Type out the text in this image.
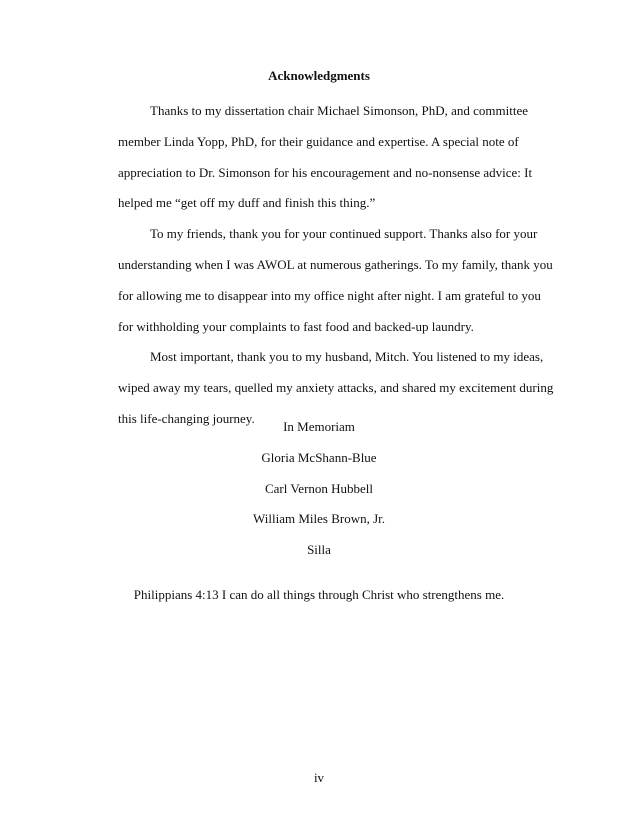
Acknowledgments

Thanks to my dissertation chair Michael Simonson, PhD, and committee member Linda Yopp, PhD, for their guidance and expertise. A special note of appreciation to Dr. Simonson for his encouragement and no-nonsense advice: It helped me “get off my duff and finish this thing.”

To my friends, thank you for your continued support. Thanks also for your understanding when I was AWOL at numerous gatherings. To my family, thank you for allowing me to disappear into my office night after night. I am grateful to you for withholding your complaints to fast food and backed-up laundry.

Most important, thank you to my husband, Mitch. You listened to my ideas, wiped away my tears, quelled my anxiety attacks, and shared my excitement during this life-changing journey.

In Memoriam
Gloria McShann-Blue
Carl Vernon Hubbell
William Miles Brown, Jr.
Silla
Philippians 4:13 I can do all things through Christ who strengthens me.
iv
